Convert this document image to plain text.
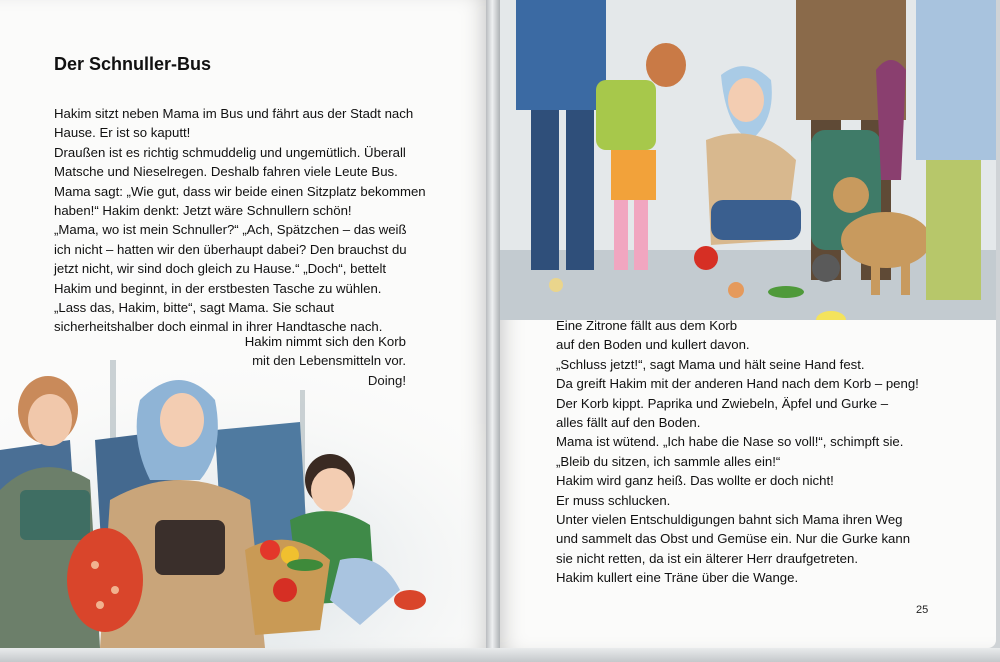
Der Schnuller-Bus

Hakim sitzt neben Mama im Bus und fährt aus der Stadt nach

Hause. Er ist so kaputt!

Draußen ist es richtig schmuddelig und ungemütlich. Überall

Matsche und Nieselregen. Deshalb fahren viele Leute Bus.

Mama sagt: „Wie gut, dass wir beide einen Sitzplatz bekommen

haben!“ Hakim denkt: Jetzt wäre Schnullern schön!

„Mama, wo ist mein Schnuller?“ „Ach, Spätzchen – das weiß

ich nicht – hatten wir den überhaupt dabei? Den brauchst du

jetzt nicht, wir sind doch gleich zu Hause.“ „Doch“, bettelt

Hakim und beginnt, in der erstbesten Tasche zu wühlen.

„Lass das, Hakim, bitte“, sagt Mama. Sie schaut

sicherheitshalber doch einmal in ihrer Handtasche nach.

Hakim nimmt sich den Korb

Eine Zitrone fällt aus dem Korb

auf den Boden und kullert davon.

„Schluss jetzt!“, sagt Mama und hält seine Hand fest.

Da greift Hakim mit der anderen Hand nach dem Korb – peng!

Der Korb kippt. Paprika und Zwiebeln, Äpfel und Gurke –

alles fällt auf den Boden.

Mama ist wütend. „Ich habe die Nase so voll!“, schimpft sie.

„Bleib du sitzen, ich sammle alles ein!“

Hakim wird ganz heiß. Das wollte er doch nicht!

Er muss schlucken.

Unter vielen Entschuldigungen bahnt sich Mama ihren Weg

und sammelt das Obst und Gemüse ein. Nur die Gurke kann

sie nicht retten, da ist ein älterer Herr draufgetreten.

Hakim kullert eine Träne über die Wange.

25
